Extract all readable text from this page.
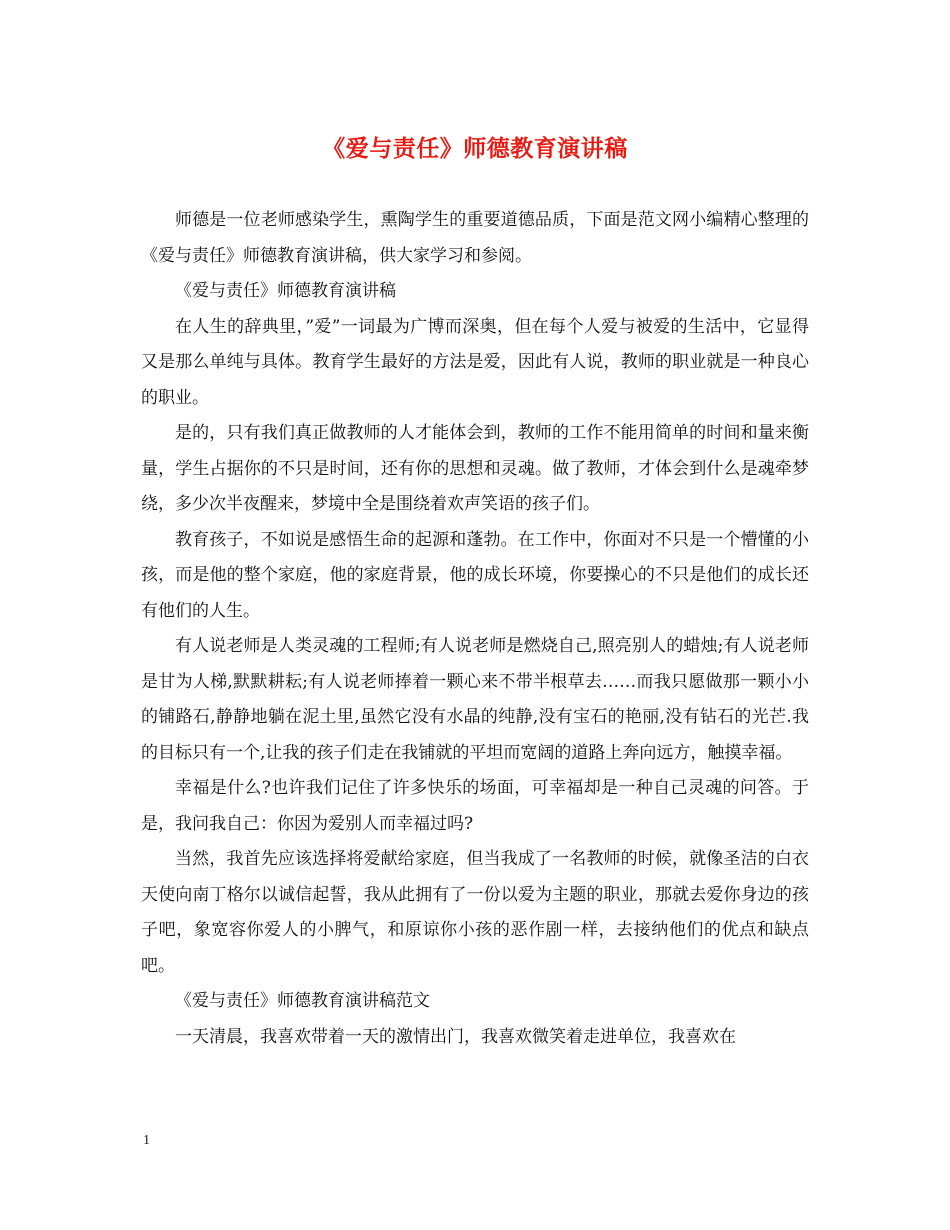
《爱与责任》师德教育演讲稿

师德是一位老师感染学生，熏陶学生的重要道德品质，下面是范文网小编精心整理的《爱与责任》师德教育演讲稿，供大家学习和参阅。

《爱与责任》师德教育演讲稿

在人生的辞典里，”爱”一词最为广博而深奥，但在每个人爱与被爱的生活中，它显得又是那么单纯与具体。教育学生最好的方法是爱，因此有人说，教师的职业就是一种良心的职业。

是的，只有我们真正做教师的人才能体会到，教师的工作不能用简单的时间和量来衡量，学生占据你的不只是时间，还有你的思想和灵魂。做了教师，才体会到什么是魂牵梦绕，多少次半夜醒来，梦境中全是围绕着欢声笑语的孩子们。

教育孩子，不如说是感悟生命的起源和蓬勃。在工作中，你面对不只是一个懵懂的小孩，而是他的整个家庭，他的家庭背景，他的成长环境，你要操心的不只是他们的成长还有他们的人生。

有人说老师是人类灵魂的工程师;有人说老师是燃烧自己,照亮别人的蜡烛;有人说老师是甘为人梯,默默耕耘;有人说老师捧着一颗心来不带半根草去……而我只愿做那一颗小小的铺路石,静静地躺在泥土里,虽然它没有水晶的纯静,没有宝石的艳丽,没有钻石的光芒.我的目标只有一个,让我的孩子们走在我铺就的平坦而宽阔的道路上奔向远方，触摸幸福。

幸福是什么?也许我们记住了许多快乐的场面，可幸福却是一种自己灵魂的问答。于是，我问我自己：你因为爱别人而幸福过吗?

当然，我首先应该选择将爱献给家庭，但当我成了一名教师的时候，就像圣洁的白衣天使向南丁格尔以诚信起誓，我从此拥有了一份以爱为主题的职业，那就去爱你身边的孩子吧，象宽容你爱人的小脾气，和原谅你小孩的恶作剧一样，去接纳他们的优点和缺点吧。

《爱与责任》师德教育演讲稿范文

一天清晨，我喜欢带着一天的激情出门，我喜欢微笑着走进单位，我喜欢在

1
